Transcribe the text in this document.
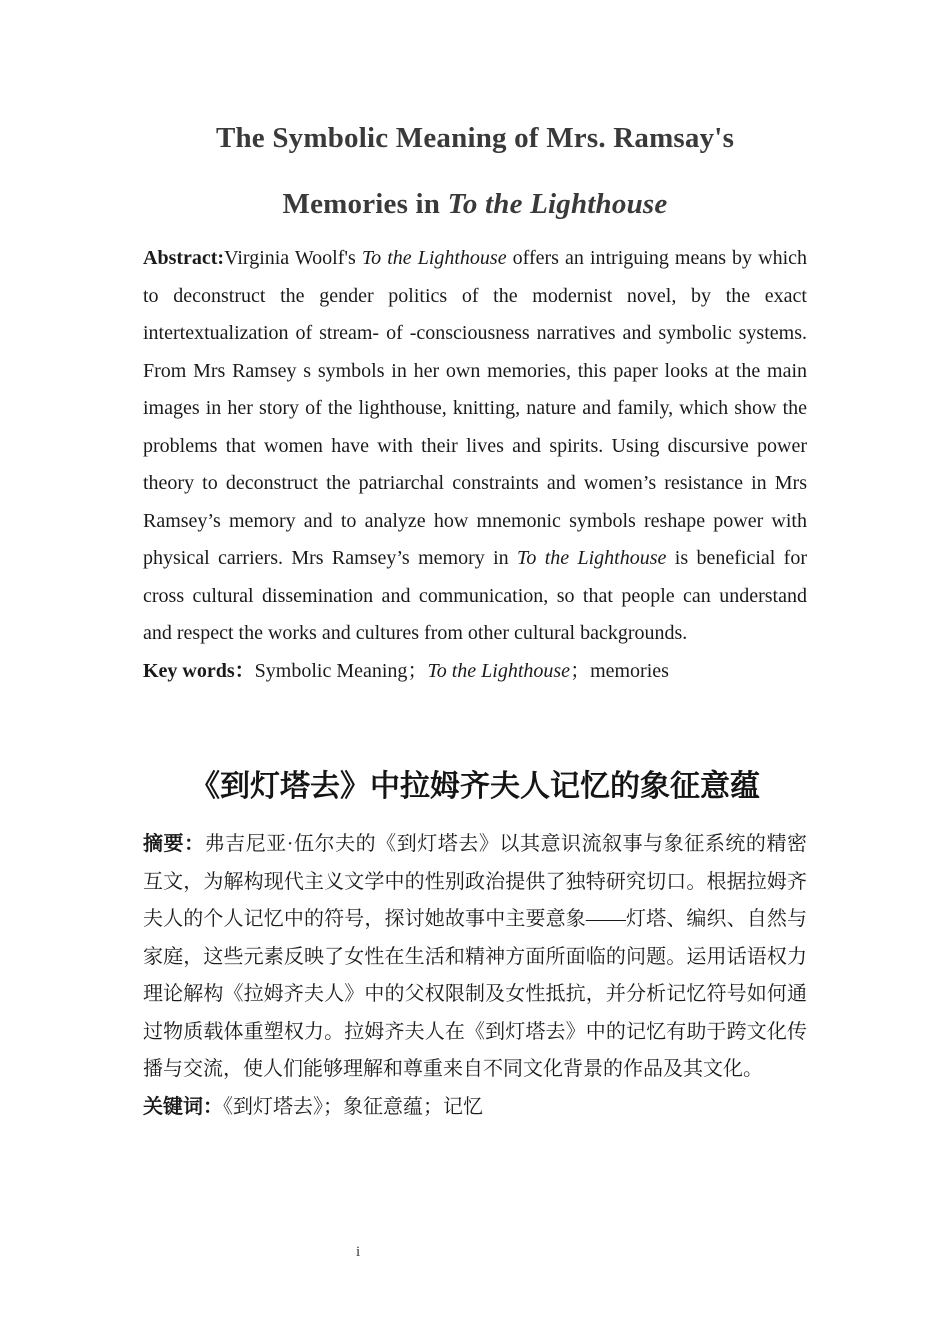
The Symbolic Meaning of Mrs. Ramsay's
Memories in To the Lighthouse

Abstract:Virginia Woolf's To the Lighthouse offers an intriguing means by which to deconstruct the gender politics of the modernist novel, by the exact intertextualization of stream- of -consciousness narratives and symbolic systems. From Mrs Ramsey s symbols in her own memories, this paper looks at the main images in her story of the lighthouse, knitting, nature and family, which show the problems that women have with their lives and spirits. Using discursive power theory to deconstruct the patriarchal constraints and women’s resistance in Mrs Ramsey’s memory and to analyze how mnemonic symbols reshape power with physical carriers. Mrs Ramsey’s memory in To the Lighthouse is beneficial for cross cultural dissemination and communication, so that people can understand and respect the works and cultures from other cultural backgrounds.

Key words：Symbolic Meaning；To the Lighthouse；memories

《到灯塔去》中拉姆齐夫人记忆的象征意蕴

摘要：弗吉尼亚·伍尔夫的《到灯塔去》以其意识流叙事与象征系统的精密互文，为解构现代主义文学中的性别政治提供了独特研究切口。根据拉姆齐夫人的个人记忆中的符号，探讨她故事中主要意象——灯塔、编织、自然与家庭，这些元素反映了女性在生活和精神方面所面临的问题。运用话语权力理论解构《拉姆齐夫人》中的父权限制及女性抵抗，并分析记忆符号如何通过物质载体重塑权力。拉姆齐夫人在《到灯塔去》中的记忆有助于跨文化传播与交流，使人们能够理解和尊重来自不同文化背景的作品及其文化。

关键词：《到灯塔去》；象征意蕴；记忆

i
